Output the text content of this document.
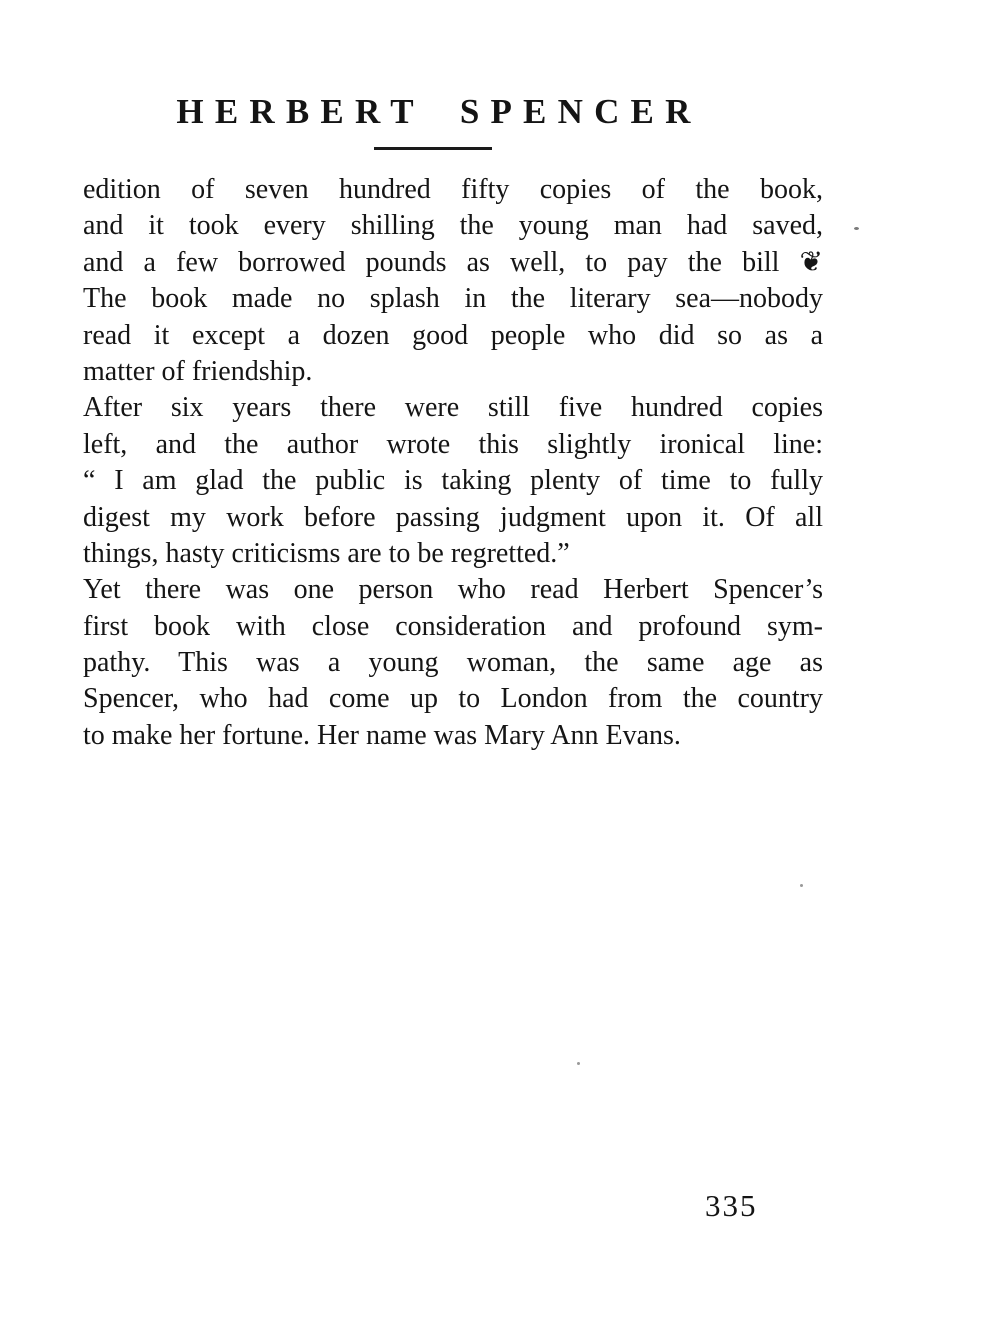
HERBERT SPENCER
edition of seven hundred fifty copies of the book,
and it took every shilling the young man had saved,
and a few borrowed pounds as well, to pay the bill ❦
The book made no splash in the literary sea—nobody
read it except a dozen good people who did so as a
matter of friendship.
After six years there were still five hundred copies
left, and the author wrote this slightly ironical line:
“ I am glad the public is taking plenty of time to fully
digest my work before passing judgment upon it. Of all
things, hasty criticisms are to be regretted.”
Yet there was one person who read Herbert Spencer’s
first book with close consideration and profound sym-
pathy. This was a young woman, the same age as
Spencer, who had come up to London from the country
to make her fortune. Her name was Mary Ann Evans.
335
